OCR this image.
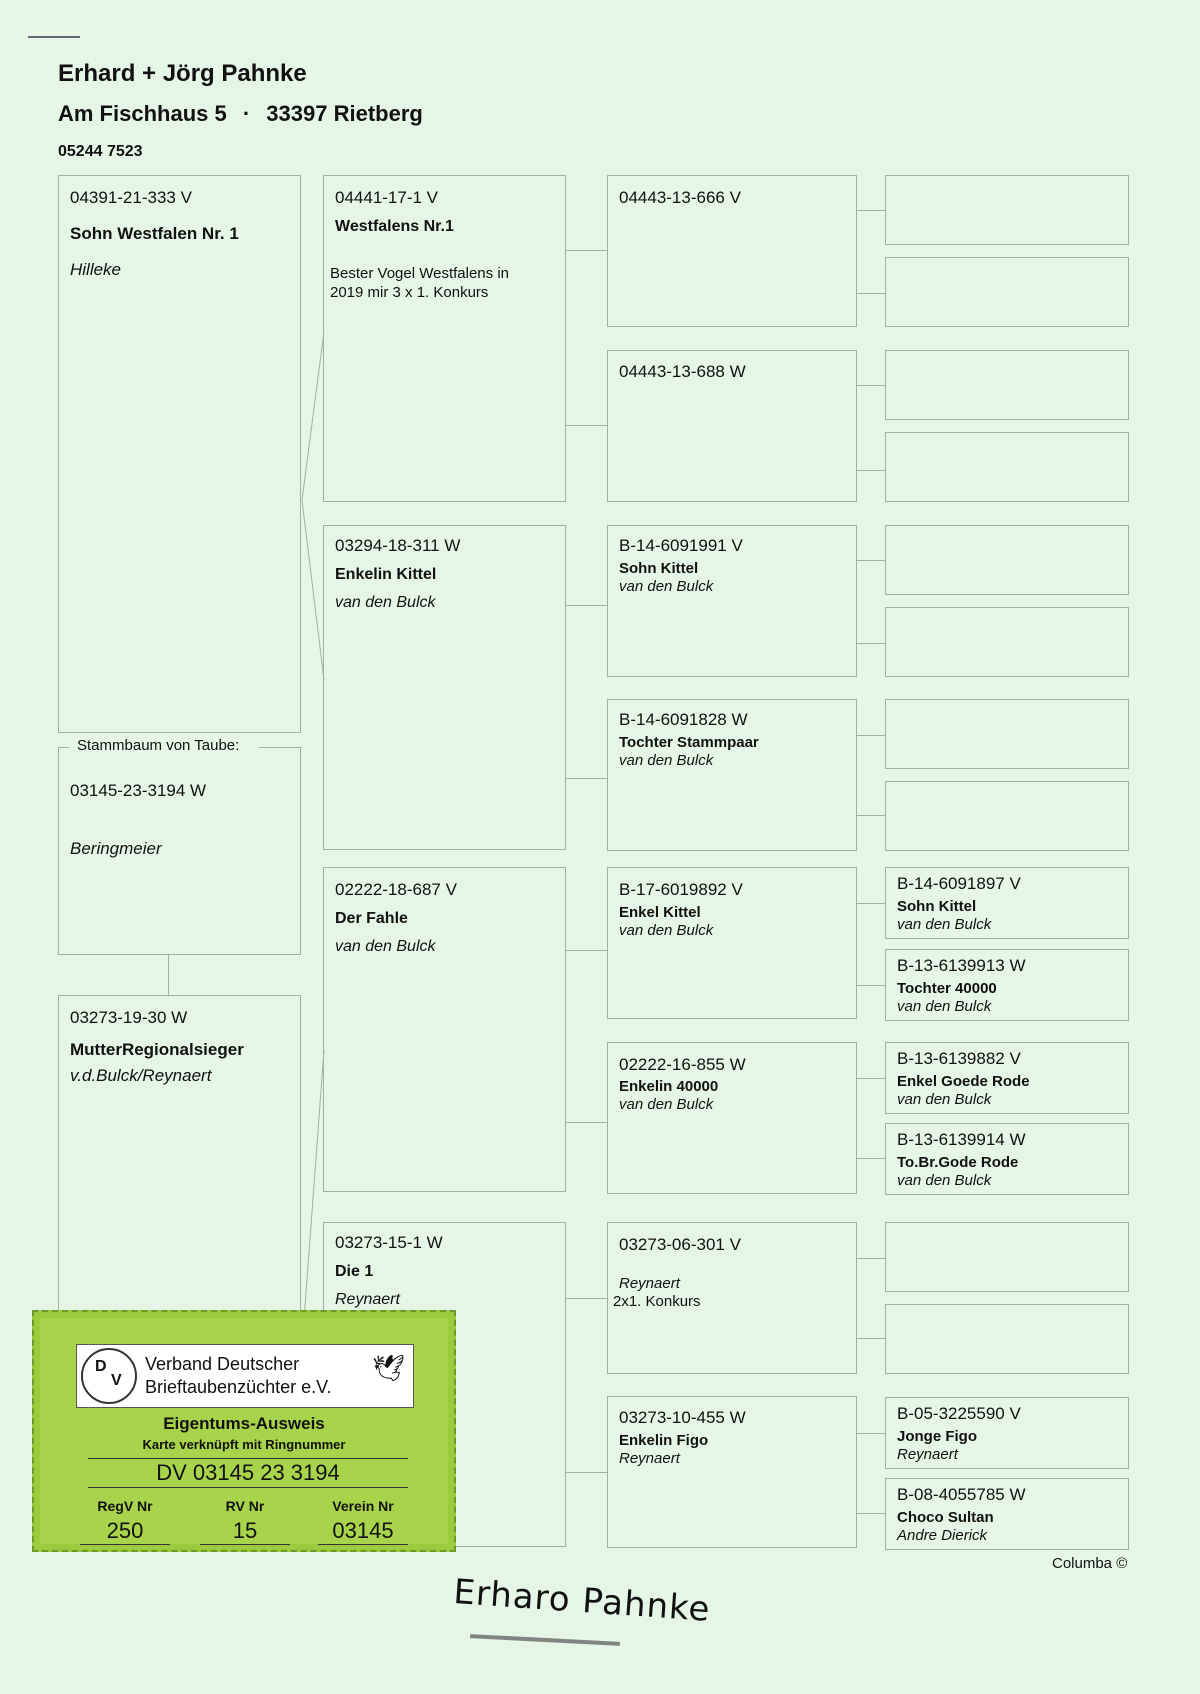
Erhard + Jörg Pahnke
Am Fischhaus 5 · 33397 Rietberg
05244 7523
04391-21-333 V
Sohn Westfalen Nr. 1
Hilleke
Stammbaum von Taube:
03145-23-3194 W
Beringmeier
03273-19-30 W
MutterRegionalsieger
v.d.Bulck/Reynaert
04441-17-1 V
Westfalens Nr.1
Bester Vogel Westfalens in 2019 mir 3 x 1. Konkurs
03294-18-311 W
Enkelin Kittel
van den Bulck
02222-18-687 V
Der Fahle
van den Bulck
03273-15-1 W
Die 1
Reynaert
04443-13-666 V
04443-13-688 W
B-14-6091991 V
Sohn Kittel
van den Bulck
B-14-6091828 W
Tochter Stammpaar
van den Bulck
B-17-6019892 V
Enkel Kittel
van den Bulck
02222-16-855 W
Enkelin 40000
van den Bulck
03273-06-301 V
Reynaert
2x1. Konkurs
03273-10-455 W
Enkelin Figo
Reynaert
B-14-6091897 V
Sohn Kittel
van den Bulck
B-13-6139913 W
Tochter 40000
van den Bulck
B-13-6139882 V
Enkel Goede Rode
van den Bulck
B-13-6139914 W
To.Br.Gode Rode
van den Bulck
B-05-3225590 V
Jonge Figo
Reynaert
B-08-4055785 W
Choco Sultan
Andre Dierick
Columba ©
D
V
Verband Deutscher
Brieftaubenzüchter e.V.
🕊
Eigentums-Ausweis
Karte verknüpft mit Ringnummer
DV 03145 23 3194
RegV Nr	RV Nr	Verein Nr
250	15	03145
Erharo Pahnke
